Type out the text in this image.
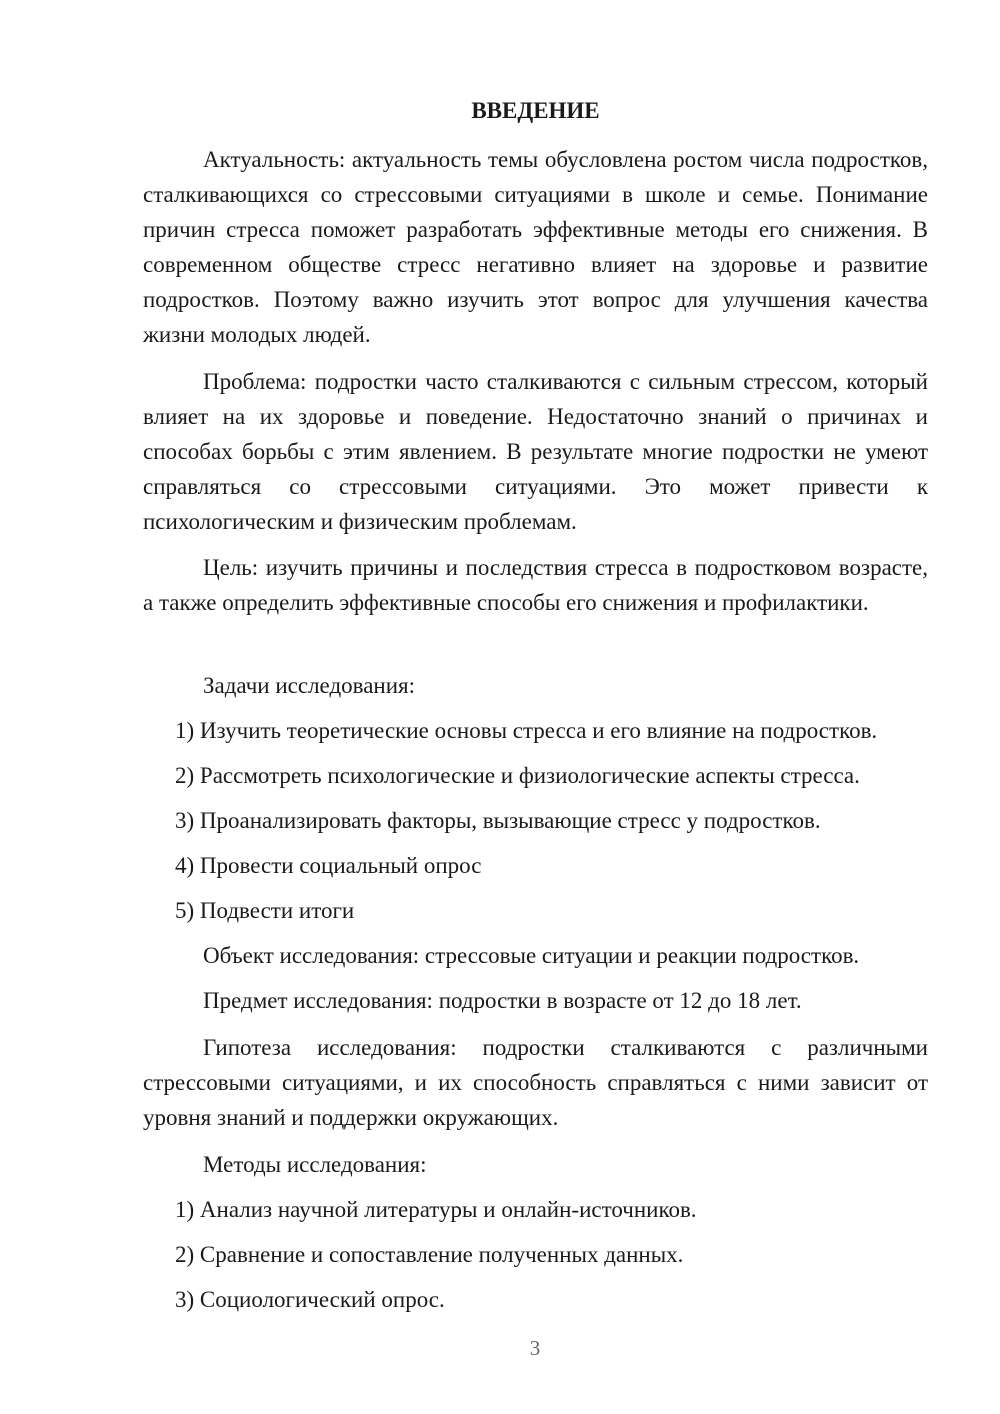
ВВЕДЕНИЕ

Актуальность: актуальность темы обусловлена ростом числа подростков, сталкивающихся со стрессовыми ситуациями в школе и семье. Понимание причин стресса поможет разработать эффективные методы его снижения. В современном обществе стресс негативно влияет на здоровье и развитие подростков. Поэтому важно изучить этот вопрос для улучшения качества жизни молодых людей.

Проблема: подростки часто сталкиваются с сильным стрессом, который влияет на их здоровье и поведение. Недостаточно знаний о причинах и способах борьбы с этим явлением. В результате многие подростки не умеют справляться со стрессовыми ситуациями. Это может привести к психологическим и физическим проблемам.

Цель: изучить причины и последствия стресса в подростковом возрасте, а также определить эффективные способы его снижения и профилактики.

Задачи исследования:
1) Изучить теоретические основы стресса и его влияние на подростков.
2) Рассмотреть психологические и физиологические аспекты стресса.
3) Проанализировать факторы, вызывающие стресс у подростков.
4) Провести социальный опрос
5) Подвести итоги
Объект исследования: стрессовые ситуации и реакции подростков.
Предмет исследования: подростки в возрасте от 12 до 18 лет.

Гипотеза исследования: подростки сталкиваются с различными стрессовыми ситуациями, и их способность справляться с ними зависит от уровня знаний и поддержки окружающих.

Методы исследования:
1) Анализ научной литературы и онлайн-источников.
2) Сравнение и сопоставление полученных данных.
3) Социологический опрос.
3
